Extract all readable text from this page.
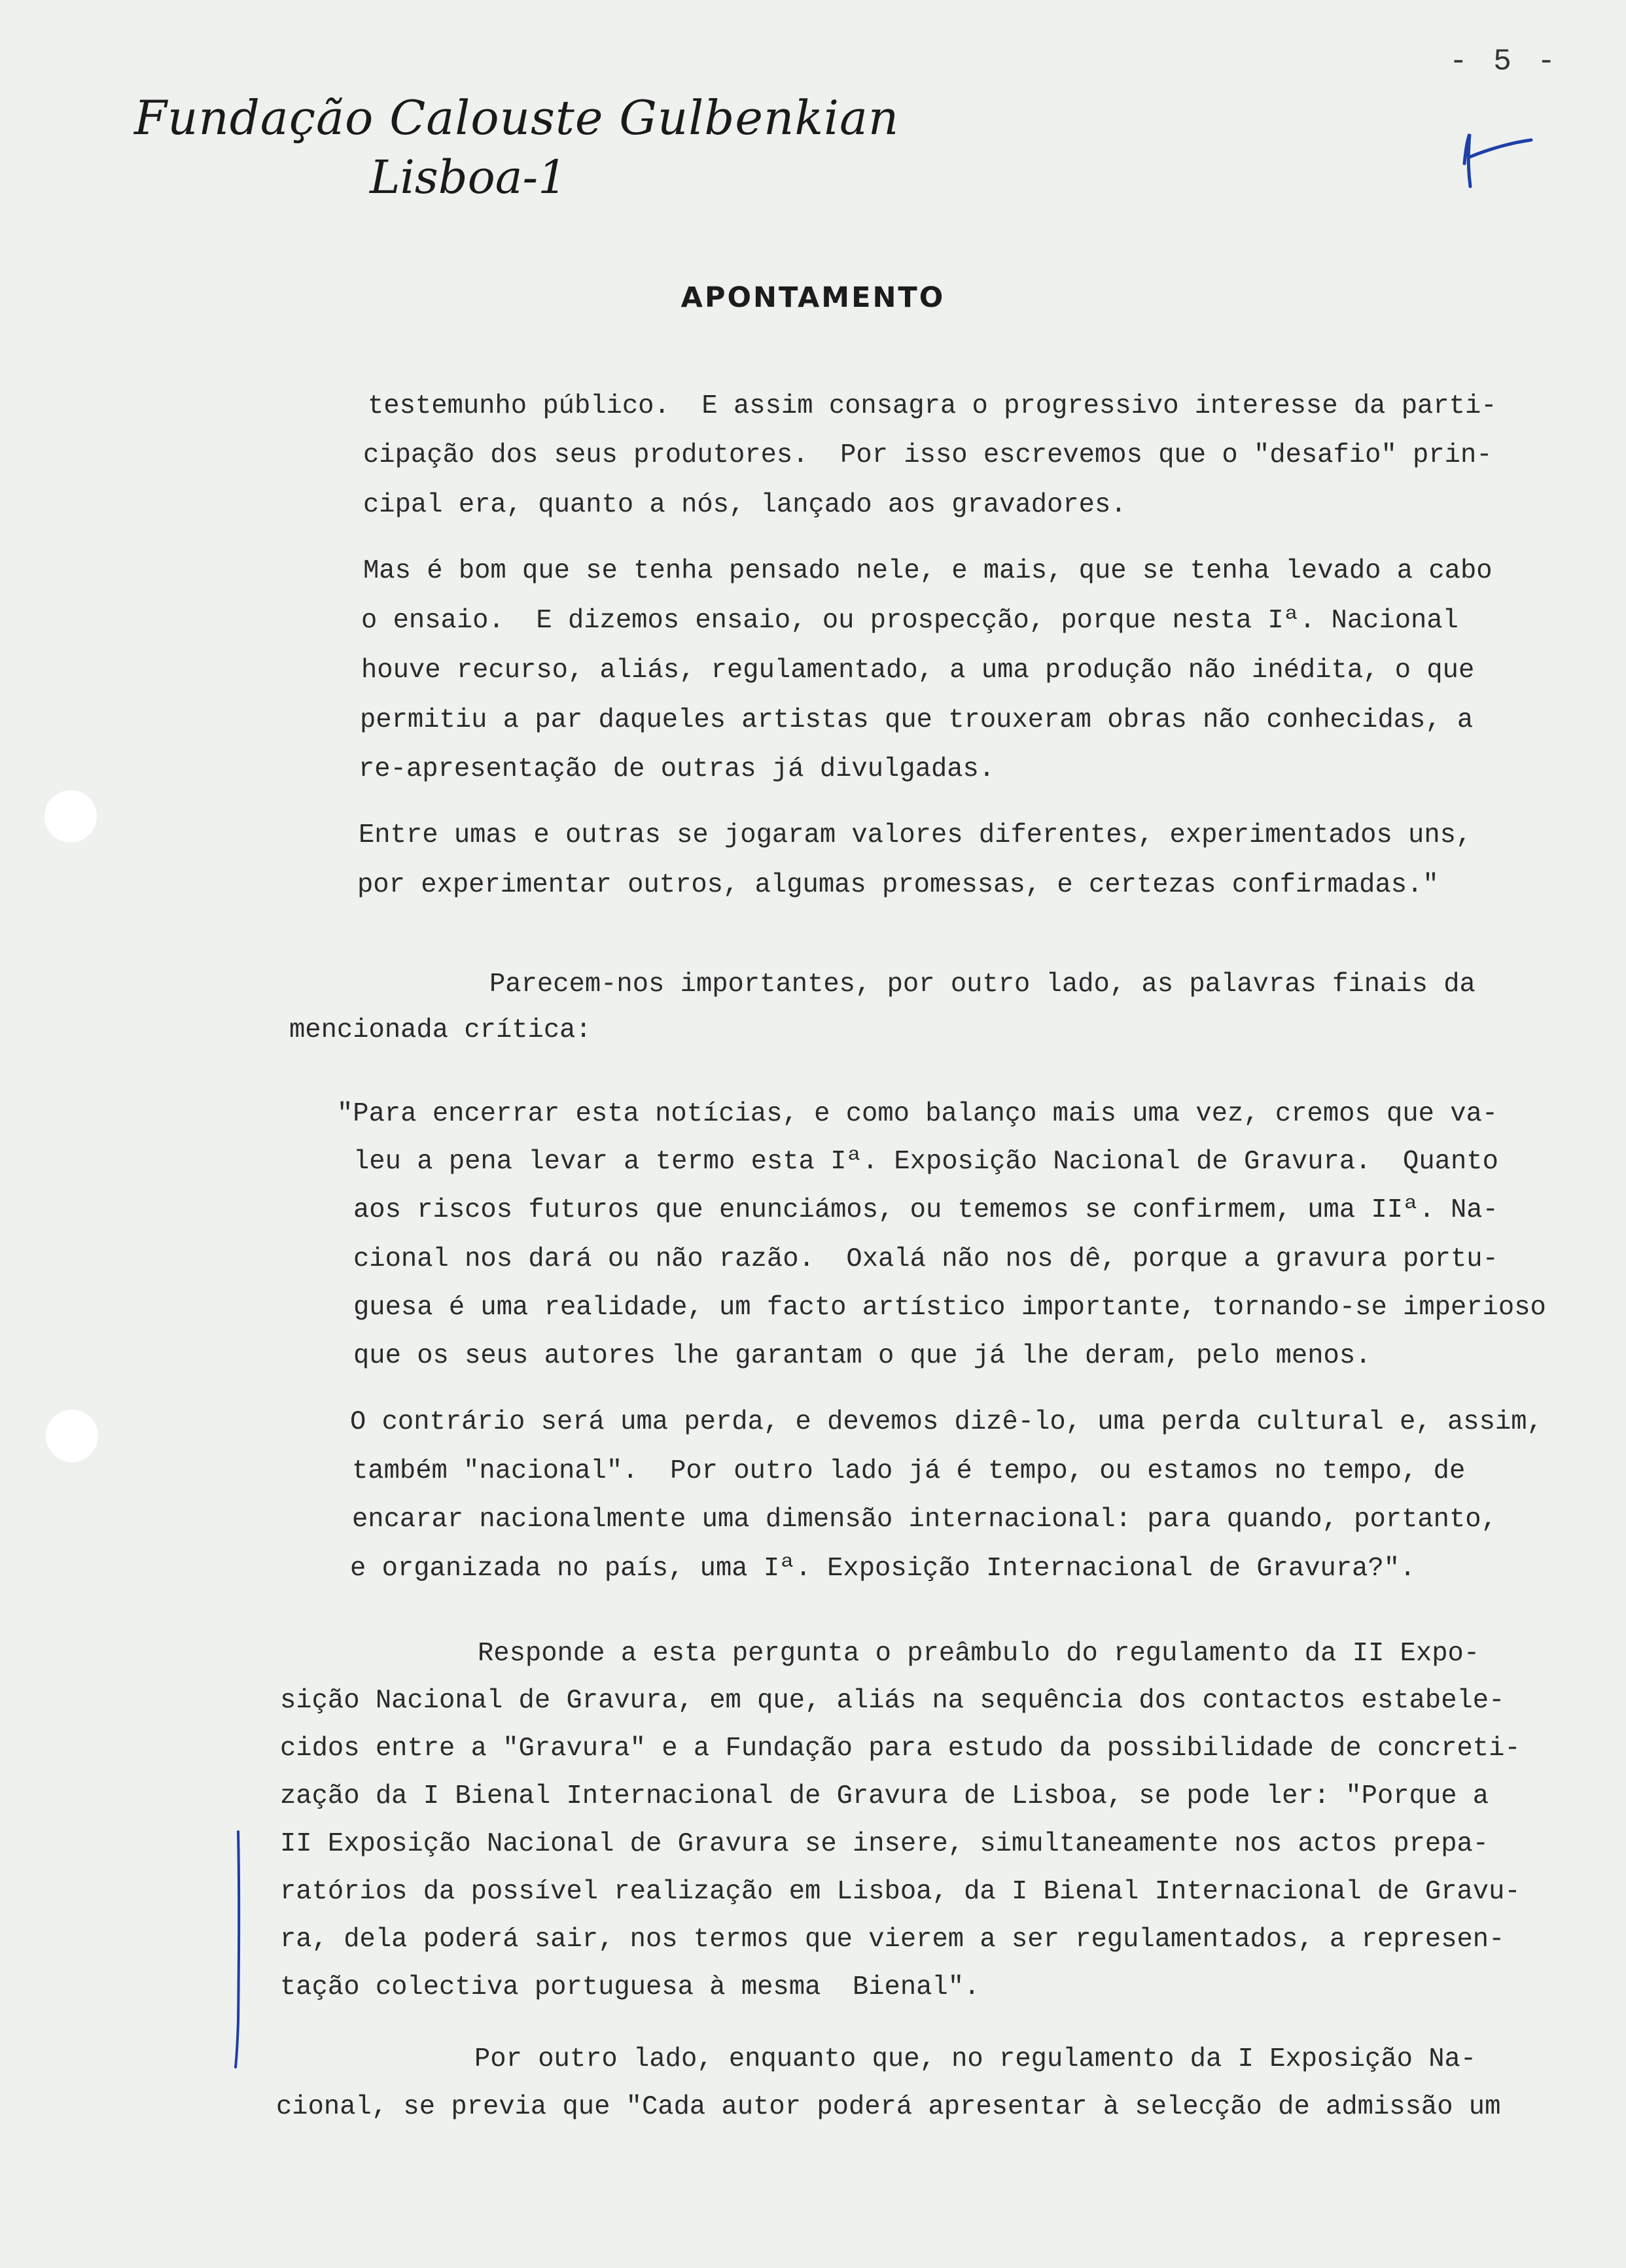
- 5 -
Fundação Calouste Gulbenkian
Lisboa-1
APONTAMENTO
testemunho público.  E assim consagra o progressivo interesse da parti-
cipação dos seus produtores.  Por isso escrevemos que o "desafio" prin-
cipal era, quanto a nós, lançado aos gravadores.
Mas é bom que se tenha pensado nele, e mais, que se tenha levado a cabo
o ensaio.  E dizemos ensaio, ou prospecção, porque nesta Iª. Nacional
houve recurso, aliás, regulamentado, a uma produção não inédita, o que
permitiu a par daqueles artistas que trouxeram obras não conhecidas, a
re-apresentação de outras já divulgadas.
Entre umas e outras se jogaram valores diferentes, experimentados uns,
por experimentar outros, algumas promessas, e certezas confirmadas."
Parecem-nos importantes, por outro lado, as palavras finais da
mencionada crítica:
"Para encerrar esta notícias, e como balanço mais uma vez, cremos que va-
leu a pena levar a termo esta Iª. Exposição Nacional de Gravura.  Quanto
aos riscos futuros que enunciámos, ou tememos se confirmem, uma IIª. Na-
cional nos dará ou não razão.  Oxalá não nos dê, porque a gravura portu-
guesa é uma realidade, um facto artístico importante, tornando-se imperioso
que os seus autores lhe garantam o que já lhe deram, pelo menos.
O contrário será uma perda, e devemos dizê-lo, uma perda cultural e, assim,
também "nacional".  Por outro lado já é tempo, ou estamos no tempo, de
encarar nacionalmente uma dimensão internacional: para quando, portanto,
e organizada no país, uma Iª. Exposição Internacional de Gravura?".
Responde a esta pergunta o preâmbulo do regulamento da II Expo-
sição Nacional de Gravura, em que, aliás na sequência dos contactos estabele-
cidos entre a "Gravura" e a Fundação para estudo da possibilidade de concreti-
zação da I Bienal Internacional de Gravura de Lisboa, se pode ler: "Porque a
II Exposição Nacional de Gravura se insere, simultaneamente nos actos prepa-
ratórios da possível realização em Lisboa, da I Bienal Internacional de Gravu-
ra, dela poderá sair, nos termos que vierem a ser regulamentados, a represen-
tação colectiva portuguesa à mesma  Bienal".
Por outro lado, enquanto que, no regulamento da I Exposição Na-
cional, se previa que "Cada autor poderá apresentar à selecção de admissão um
